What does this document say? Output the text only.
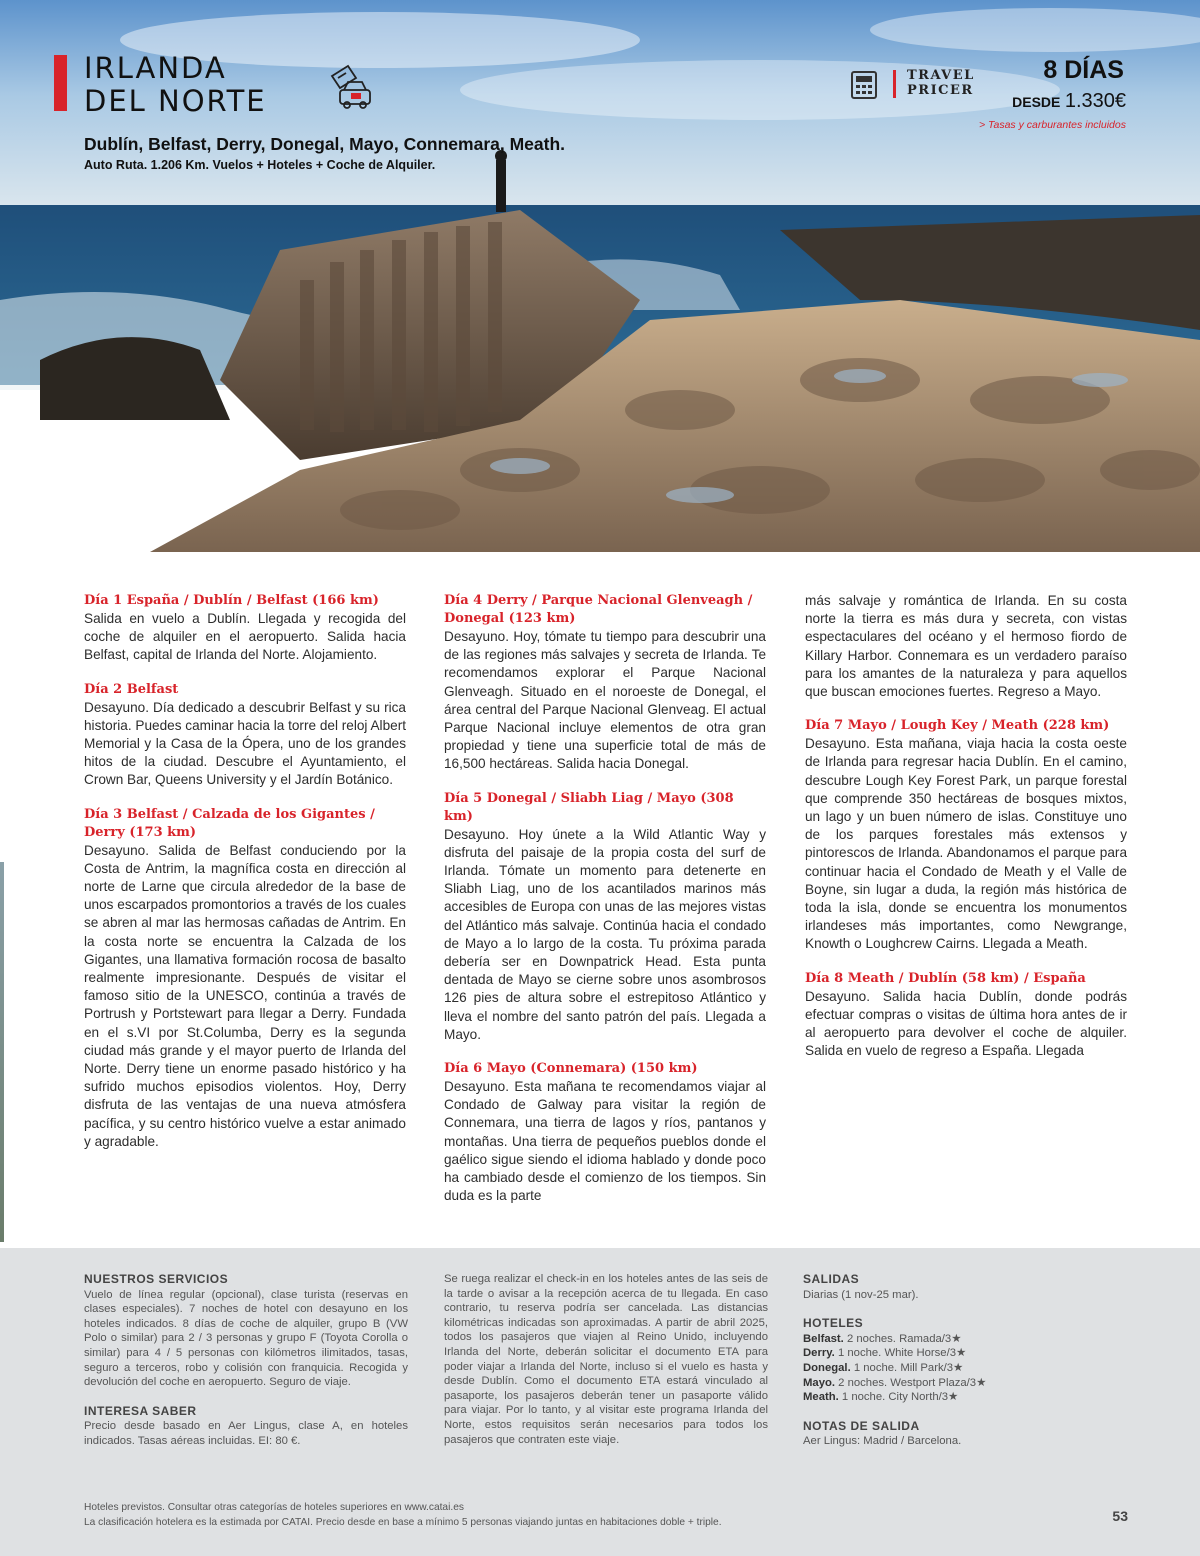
IRLANDA
DEL NORTE
Dublín, Belfast, Derry, Donegal, Mayo, Connemara, Meath.
Auto Ruta. 1.206 Km. Vuelos + Hoteles + Coche de Alquiler.
TRAVEL
PRICER
8 DÍAS
DESDE 1.330€
> Tasas y carburantes incluidos
Día 1 España / Dublín / Belfast (166 km)

Salida en vuelo a Dublín. Llegada y recogida del coche de alquiler en el aeropuerto. Salida hacia Belfast, capital de Irlanda del Norte. Alojamiento.

Día 2 Belfast

Desayuno. Día dedicado a descubrir Belfast y su rica historia. Puedes caminar hacia la torre del reloj Albert Memorial y la Casa de la Ópera, uno de los grandes hitos de la ciudad. Descubre el Ayuntamiento, el Crown Bar, Queens University y el Jardín Botánico.

Día 3 Belfast / Calzada de los Gigantes / Derry (173 km)

Desayuno. Salida de Belfast conduciendo por la Costa de Antrim, la magnífica costa en dirección al norte de Larne que circula alrededor de la base de unos escarpados promontorios a través de los cuales se abren al mar las hermosas cañadas de Antrim. En la costa norte se encuentra la Calzada de los Gigantes, una llamativa formación rocosa de basalto realmente impresionante. Después de visitar el famoso sitio de la UNESCO, continúa a través de Portrush y Portstewart para llegar a Derry. Fundada en el s.VI por St.Columba, Derry es la segunda ciudad más grande y el mayor puerto de Irlanda del Norte. Derry tiene un enorme pasado histórico y ha sufrido muchos episodios violentos. Hoy, Derry disfruta de las ventajas de una nueva atmósfera pacífica, y su centro histórico vuelve a estar animado y agradable.

Día 4 Derry / Parque Nacional Glenveagh / Donegal (123 km)

Desayuno. Hoy, tómate tu tiempo para descubrir una de las regiones más salvajes y secreta de Irlanda. Te recomendamos explorar el Parque Nacional Glenveagh. Situado en el noroeste de Donegal, el área central del Parque Nacional Glenveag. El actual Parque Nacional incluye elementos de otra gran propiedad y tiene una superficie total de más de 16,500 hectáreas. Salida hacia Donegal.

Día 5 Donegal / Sliabh Liag / Mayo (308 km)

Desayuno. Hoy únete a la Wild Atlantic Way y disfruta del paisaje de la propia costa del surf de Irlanda. Tómate un momento para detenerte en Sliabh Liag, uno de los acantilados marinos más accesibles de Europa con unas de las mejores vistas del Atlántico más salvaje. Continúa hacia el condado de Mayo a lo largo de la costa. Tu próxima parada debería ser en Downpatrick Head. Esta punta dentada de Mayo se cierne sobre unos asombrosos 126 pies de altura sobre el estrepitoso Atlántico y lleva el nombre del santo patrón del país. Llegada a Mayo.

Día 6 Mayo (Connemara) (150 km)

Desayuno. Esta mañana te recomendamos viajar al Condado de Galway para visitar la región de Connemara, una tierra de lagos y ríos, pantanos y montañas. Una tierra de pequeños pueblos donde el gaélico sigue siendo el idioma hablado y donde poco ha cambiado desde el comienzo de los tiempos. Sin duda es la parte

más salvaje y romántica de Irlanda. En su costa norte la tierra es más dura y secreta, con vistas espectaculares del océano y el hermoso fiordo de Killary Harbor. Connemara es un verdadero paraíso para los amantes de la naturaleza y para aquellos que buscan emociones fuertes. Regreso a Mayo.

Día 7 Mayo / Lough Key / Meath (228 km)

Desayuno. Esta mañana, viaja hacia la costa oeste de Irlanda para regresar hacia Dublín. En el camino, descubre Lough Key Forest Park, un parque forestal que comprende 350 hectáreas de bosques mixtos, un lago y un buen número de islas. Constituye uno de los parques forestales más extensos y pintorescos de Irlanda. Abandonamos el parque para continuar hacia el Condado de Meath y el Valle de Boyne, sin lugar a duda, la región más histórica de toda la isla, donde se encuentra los monumentos irlandeses más importantes, como Newgrange, Knowth o Loughcrew Cairns. Llegada a Meath.

Día 8 Meath / Dublín (58 km) / España

Desayuno. Salida hacia Dublín, donde podrás efectuar compras o visitas de última hora antes de ir al aeropuerto para devolver el coche de alquiler. Salida en vuelo de regreso a España. Llegada

NUESTROS SERVICIOS

Vuelo de línea regular (opcional), clase turista (reservas en clases especiales). 7 noches de hotel con desayuno en los hoteles indicados. 8 días de coche de alquiler, grupo B (VW Polo o similar) para 2 / 3 personas y grupo F (Toyota Corolla o similar) para 4 / 5 personas con kilómetros ilimitados, tasas, seguro a terceros, robo y colisión con franquicia. Recogida y devolución del coche en aeropuerto. Seguro de viaje.

INTERESA SABER

Precio desde basado en Aer Lingus, clase A, en hoteles indicados. Tasas aéreas incluidas. EI: 80 €.

Se ruega realizar el check-in en los hoteles antes de las seis de la tarde o avisar a la recepción acerca de tu llegada. En caso contrario, tu reserva podría ser cancelada. Las distancias kilométricas indicadas son aproximadas. A partir de abril 2025, todos los pasajeros que viajen al Reino Unido, incluyendo Irlanda del Norte, deberán solicitar el documento ETA para poder viajar a Irlanda del Norte, incluso si el vuelo es hasta y desde Dublín. Como el documento ETA estará vinculado al pasaporte, los pasajeros deberán tener un pasaporte válido para viajar. Por lo tanto, y al visitar este programa Irlanda del Norte, estos requisitos serán necesarios para todos los pasajeros que contraten este viaje.

SALIDAS

Diarias (1 nov-25 mar).

HOTELES
Belfast. 2 noches. Ramada/3★
Derry. 1 noche. White Horse/3★
Donegal. 1 noche. Mill Park/3★
Mayo. 2 noches. Westport Plaza/3★
Meath. 1 noche. City North/3★
NOTAS DE SALIDA

Aer Lingus: Madrid / Barcelona.

Hoteles previstos. Consultar otras categorías de hoteles superiores en www.catai.es
La clasificación hotelera es la estimada por CATAI. Precio desde en base a mínimo 5 personas viajando juntas en habitaciones doble + triple.	53
